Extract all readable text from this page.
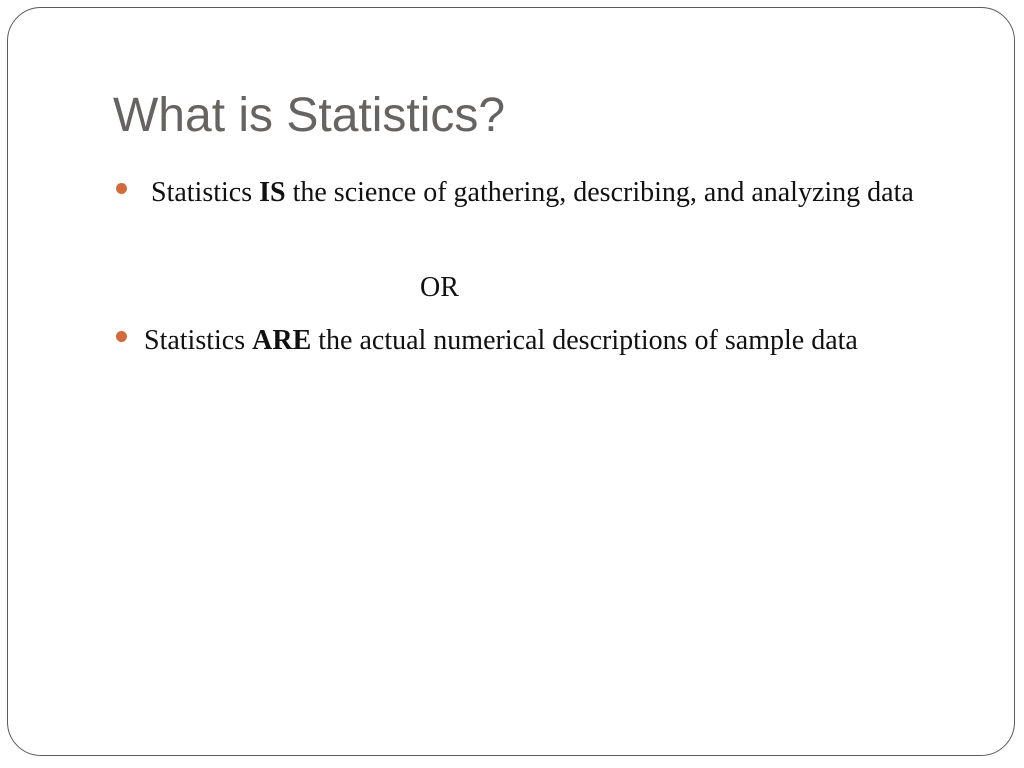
What is Statistics?
Statistics IS the science of gathering, describing, and analyzing data
Statistics ARE the actual numerical descriptions of sample data
OR
